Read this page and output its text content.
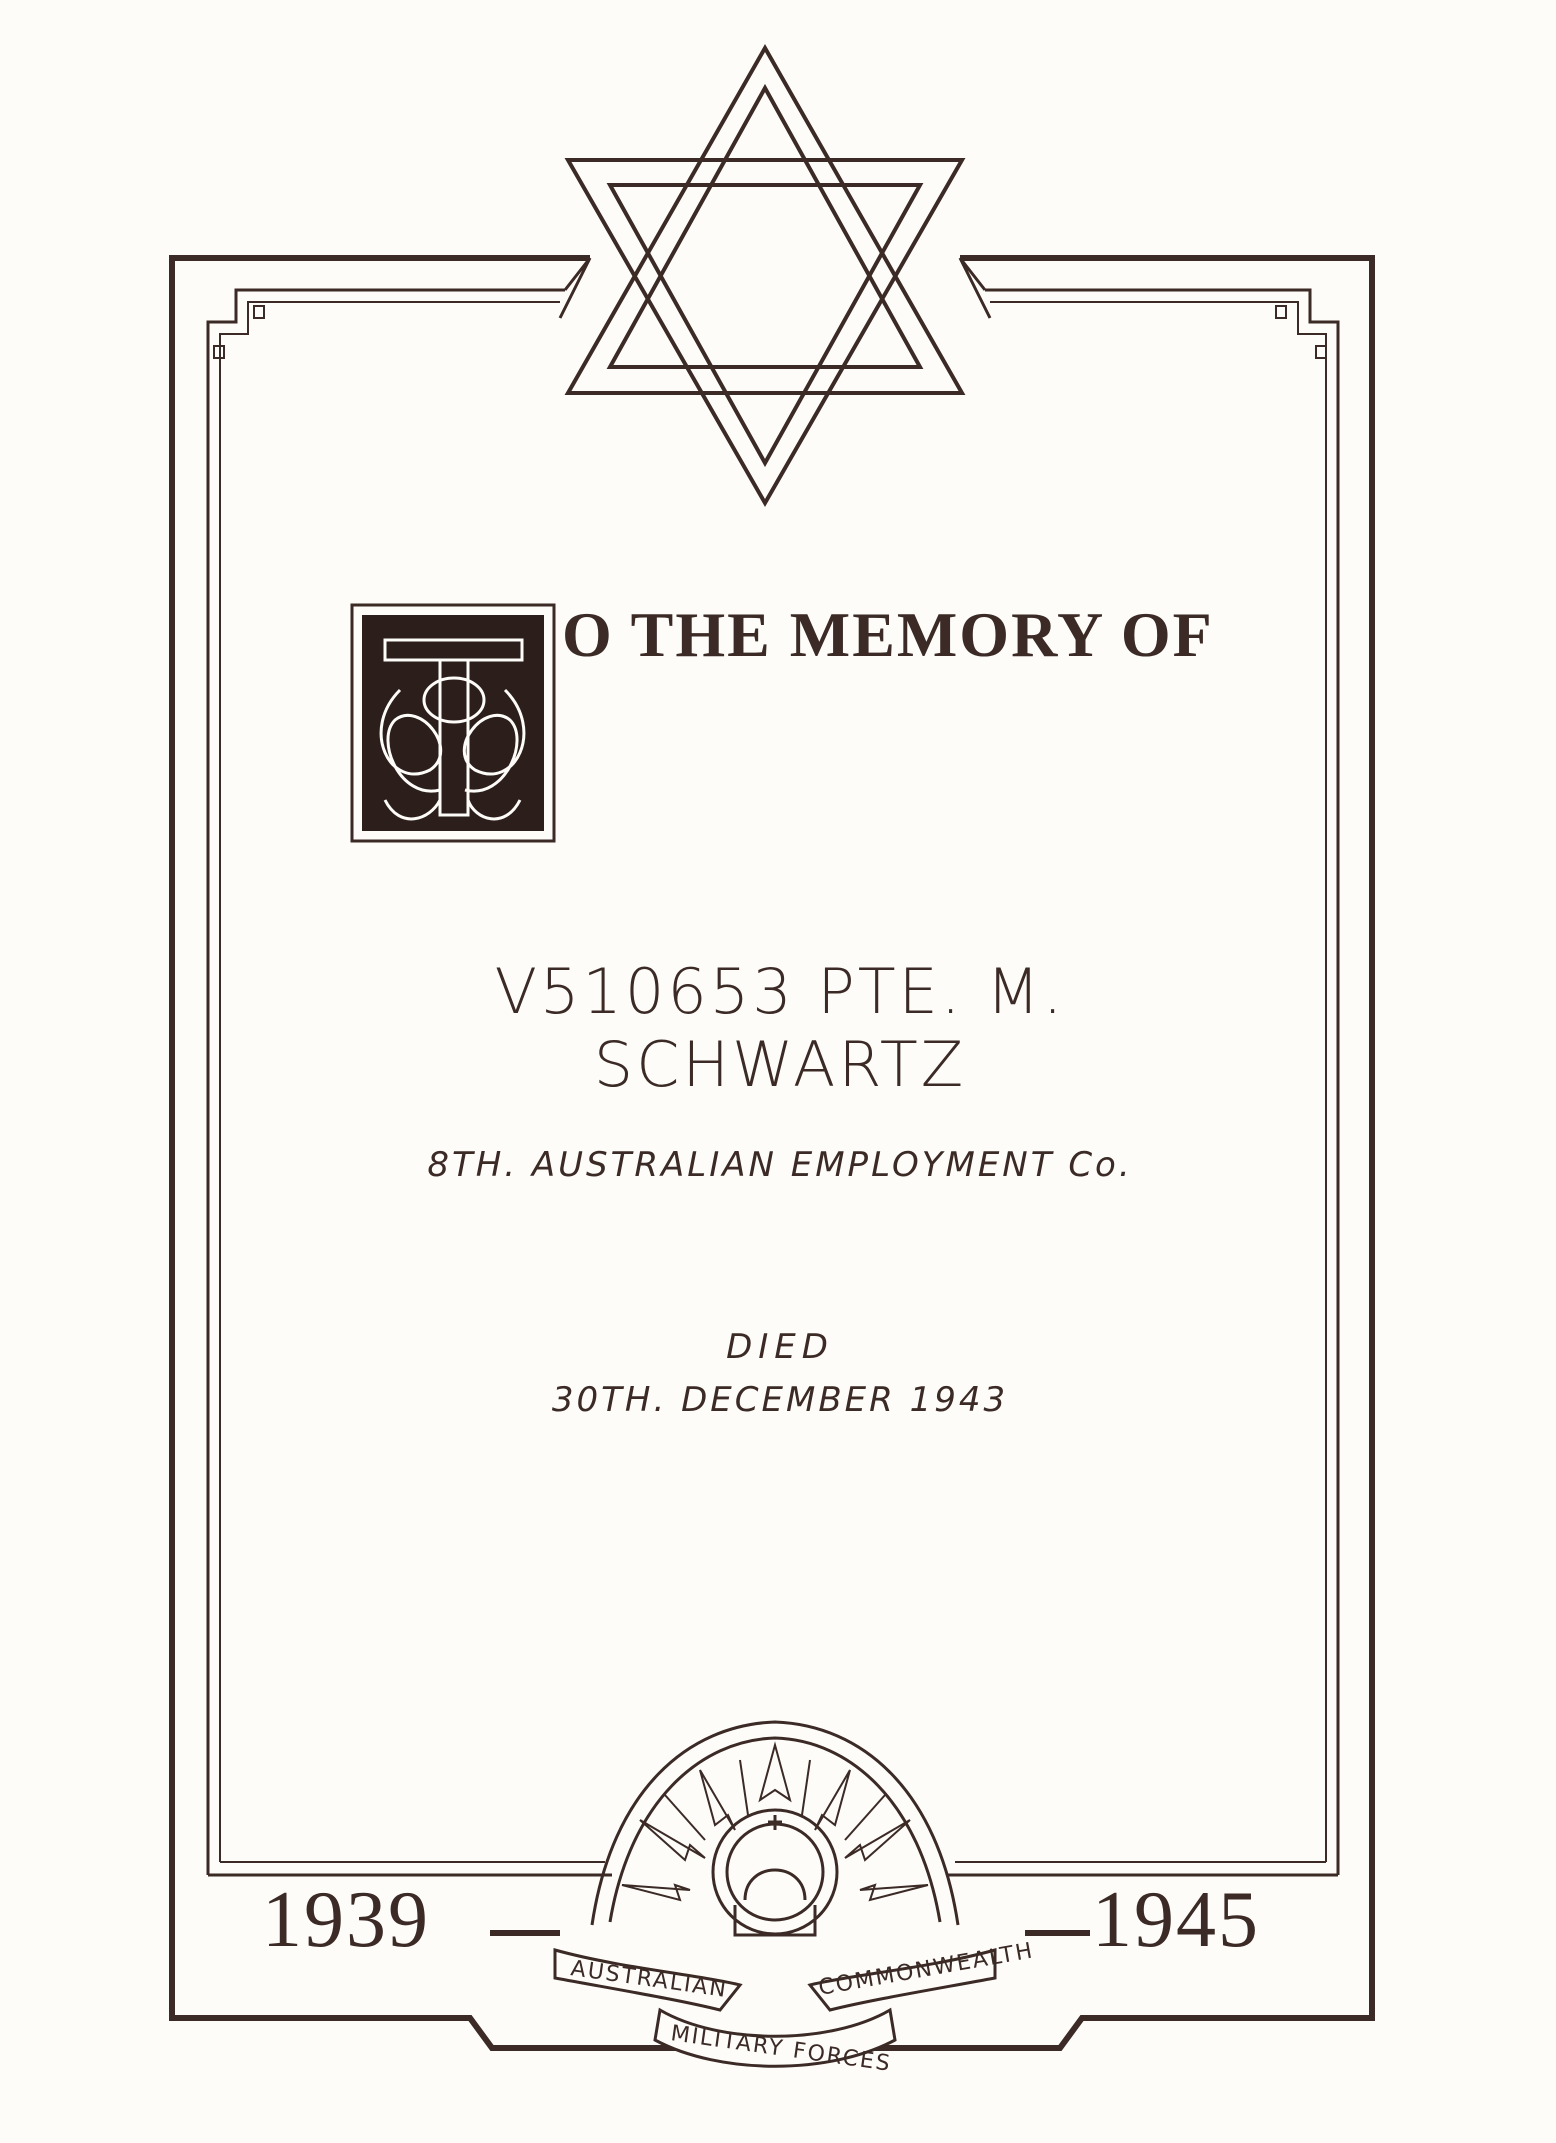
AUSTRALIAN	COMMONWEALTH
MILITARY FORCES
O THE MEMORY OF
V510653 PTE. M. SCHWARTZ
8TH. AUSTRALIAN EMPLOYMENT Co.
DIED
30TH. DECEMBER 1943
1939	1945
